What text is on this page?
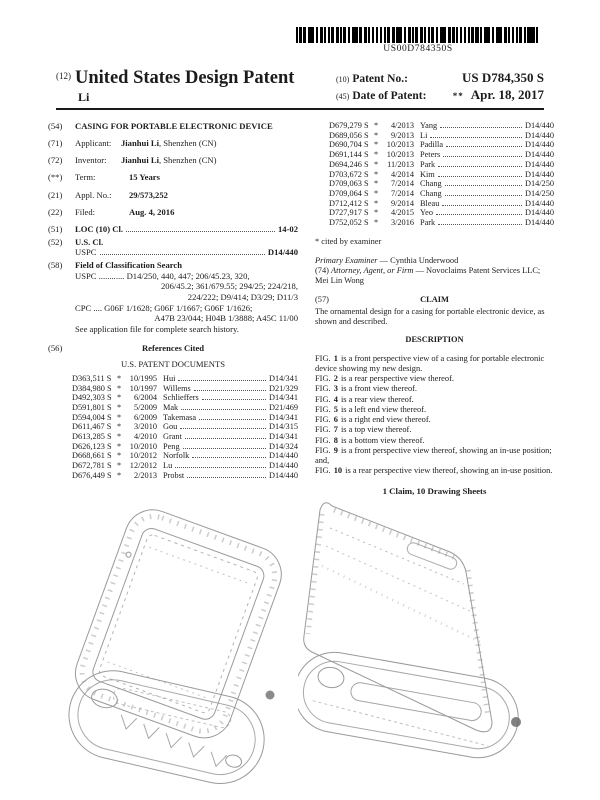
US00D784350S
$^{(12)}$ United States Design Patent
Li
(10) Patent No.:	US D784,350 S
(45) Date of Patent:	** Apr. 18, 2017
(54)	CASING FOR PORTABLE ELECTRONIC DEVICE
(71)	Applicant: Jianhui Li, Shenzhen (CN)
(72)	Inventor: Jianhui Li, Shenzhen (CN)
(**)	Term:	15 Years
(21)	Appl. No.: 29/573,252
(22)	Filed:	Aug. 4, 2016
(51)	LOC (10) Cl.	14-02
(52)	U.S. Cl.
USPC	D14/440
(58)	Field of Classification Search
USPC ............ D14/250, 440, 447; 206/45.23, 320,
206/45.2; 361/679.55; 294/25; 224/218,
224/222; D9/414; D3/29; D11/3
CPC .... G06F 1/1628; G06F 1/1667; G06F 1/1626;
A47B 23/044; H04B 1/3888; A45C 11/00
See application file for complete search history.
(56)	References Cited
U.S. PATENT DOCUMENTS
D363,511 S *	10/1995 Hui	D14/341
D384,980 S *	10/1997 Willems	D21/329
D492,303 S *	6/2004 Schlieffers	D14/341
D591,801 S *	5/2009 Mak	D21/469
D594,004 S *	6/2009 Takemasa	D14/341
D611,467 S *	3/2010 Gou	D14/315
D613,285 S *	4/2010 Grant	D14/341
D626,123 S *	10/2010 Peng	D14/324
D668,661 S *	10/2012 Norfolk	D14/440
D672,781 S *	12/2012 Lu	D14/440
D676,449 S *	2/2013 Probst	D14/440
D679,279 S *	4/2013 Yang	D14/440
D689,056 S *	9/2013 Li	D14/440
D690,704 S *	10/2013 Padilla	D14/440
D691,144 S *	10/2013 Peters	D14/440
D694,246 S *	11/2013 Park	D14/440
D703,672 S *	4/2014 Kim	D14/440
D709,063 S *	7/2014 Chang	D14/250
D709,064 S *	7/2014 Chang	D14/250
D712,412 S *	9/2014 Bleau	D14/440
D727,917 S *	4/2015 Yeo	D14/440
D752,052 S *	3/2016 Park	D14/440
* cited by examiner
Primary Examiner — Cynthia Underwood
(74) Attorney, Agent, or Firm — Novoclaims Patent Services LLC; Mei Lin Wong
(57)	CLAIM
The ornamental design for a casing for portable electronic device, as shown and described.
DESCRIPTION
FIG. 1 is a front perspective view of a casing for portable electronic device showing my new design.
FIG. 2 is a rear perspective view thereof.
FIG. 3 is a front view thereof.
FIG. 4 is a rear view thereof.
FIG. 5 is a left end view thereof.
FIG. 6 is a right end view thereof.
FIG. 7 is a top view thereof.
FIG. 8 is a bottom view thereof.
FIG. 9 is a front perspective view thereof, showing an in-use position; and,
FIG. 10 is a rear perspective view thereof, showing an in-use position.
1 Claim, 10 Drawing Sheets
